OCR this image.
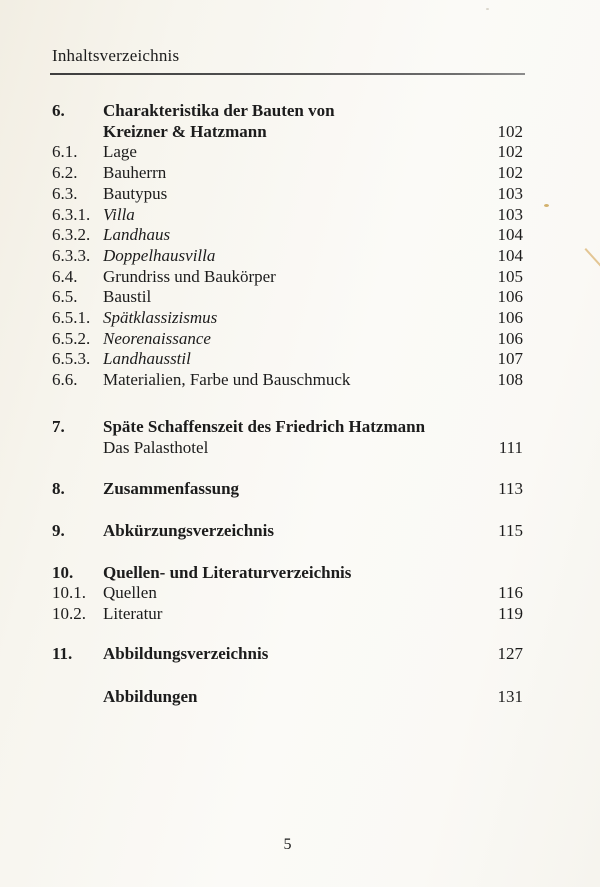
Inhaltsverzeichnis
6.	Charakteristika der Bauten von
Kreizner & Hatzmann	102
6.1.	Lage	102
6.2.	Bauherrn	102
6.3.	Bautypus	103
6.3.1. Villa	103
6.3.2. Landhaus	104
6.3.3. Doppelhausvilla	104
6.4.	Grundriss und Baukörper	105
6.5.	Baustil	106
6.5.1. Spätklassizismus	106
6.5.2. Neorenaissance	106
6.5.3. Landhausstil	107
6.6.	Materialien, Farbe und Bauschmuck	108
7.	Späte Schaffenszeit des Friedrich Hatzmann
Das Palasthotel	111
8.	Zusammenfassung	113
9.	Abkürzungsverzeichnis	115
10.	Quellen- und Literaturverzeichnis
10.1.	Quellen	116
10.2.	Literatur	119
11.	Abbildungsverzeichnis	127
Abbildungen	131
5
